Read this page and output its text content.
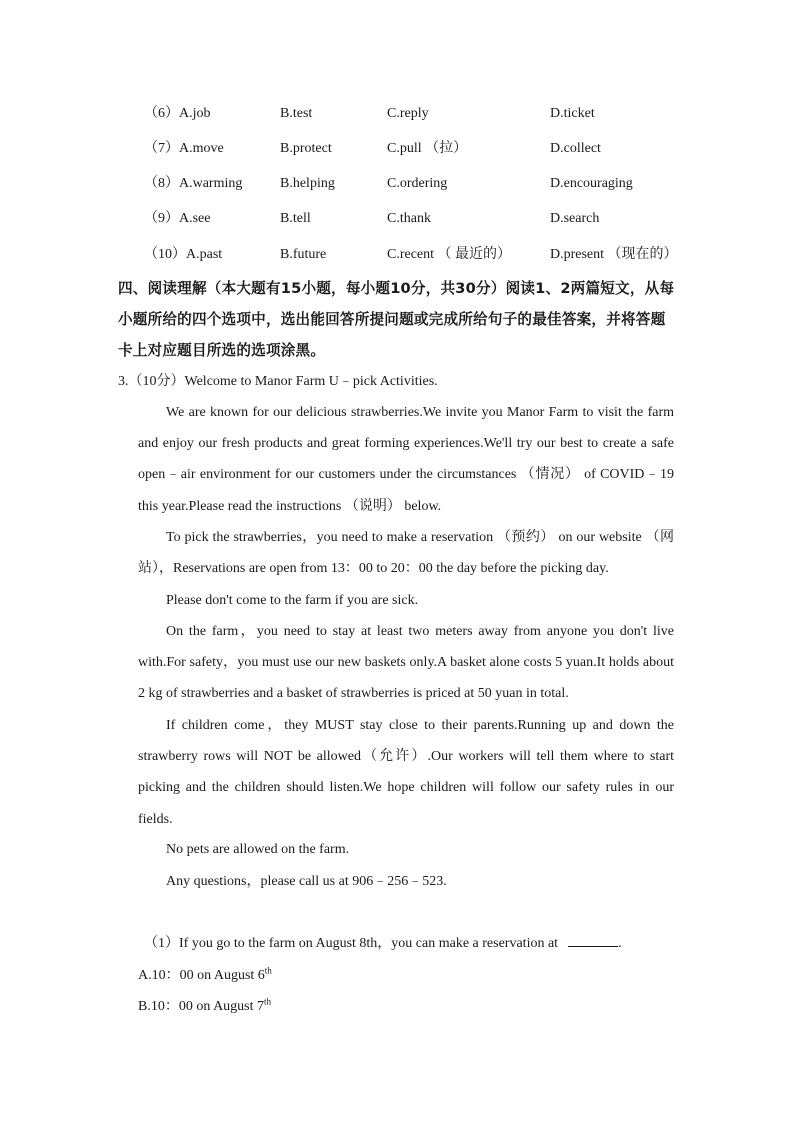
（6）A.job	B.test	C.reply	D.ticket
（7）A.move	B.protect	C.pull （拉）	D.collect
（8）A.warming	B.helping	C.ordering	D.encouraging
（9）A.see	B.tell	C.thank	D.search
（10）A.past	B.future	C.recent （ 最近的）	D.present （现在的）
四、阅读理解（本大题有15小题，每小题10分，共30分）阅读1、2两篇短文，从每小题所给的四个选项中，选出能回答所提问题或完成所给句子的最佳答案，并将答题卡上对应题目所选的选项涂黑。
3.（10分）Welcome to Manor Farm U﹣pick Activities.
We are known for our delicious strawberries.We invite you Manor Farm to visit the farm and enjoy our fresh products and great forming experiences.We'll try our best to create a safe open﹣air environment for our customers under the circumstances （情况） of COVID﹣19 this year.Please read the instructions （说明） below.
To pick the strawberries，you need to make a reservation （预约） on our website （网站），Reservations are open from 13：00 to 20：00 the day before the picking day.
Please don't come to the farm if you are sick.
On the farm，you need to stay at least two meters away from anyone you don't live with.For safety，you must use our new baskets only.A basket alone costs 5 yuan.It holds about 2 kg of strawberries and a basket of strawberries is priced at 50 yuan in total.
If children come，they MUST stay close to their parents.Running up and down the strawberry rows will NOT be allowed（允许）.Our workers will tell them where to start picking and the children should listen.We hope children will follow our safety rules in our fields.
No pets are allowed on the farm.
Any questions，please call us at 906﹣256﹣523.
（1）If you go to the farm on August 8th，you can make a reservation at	.
A.10：00 on August 6th
B.10：00 on August 7th
